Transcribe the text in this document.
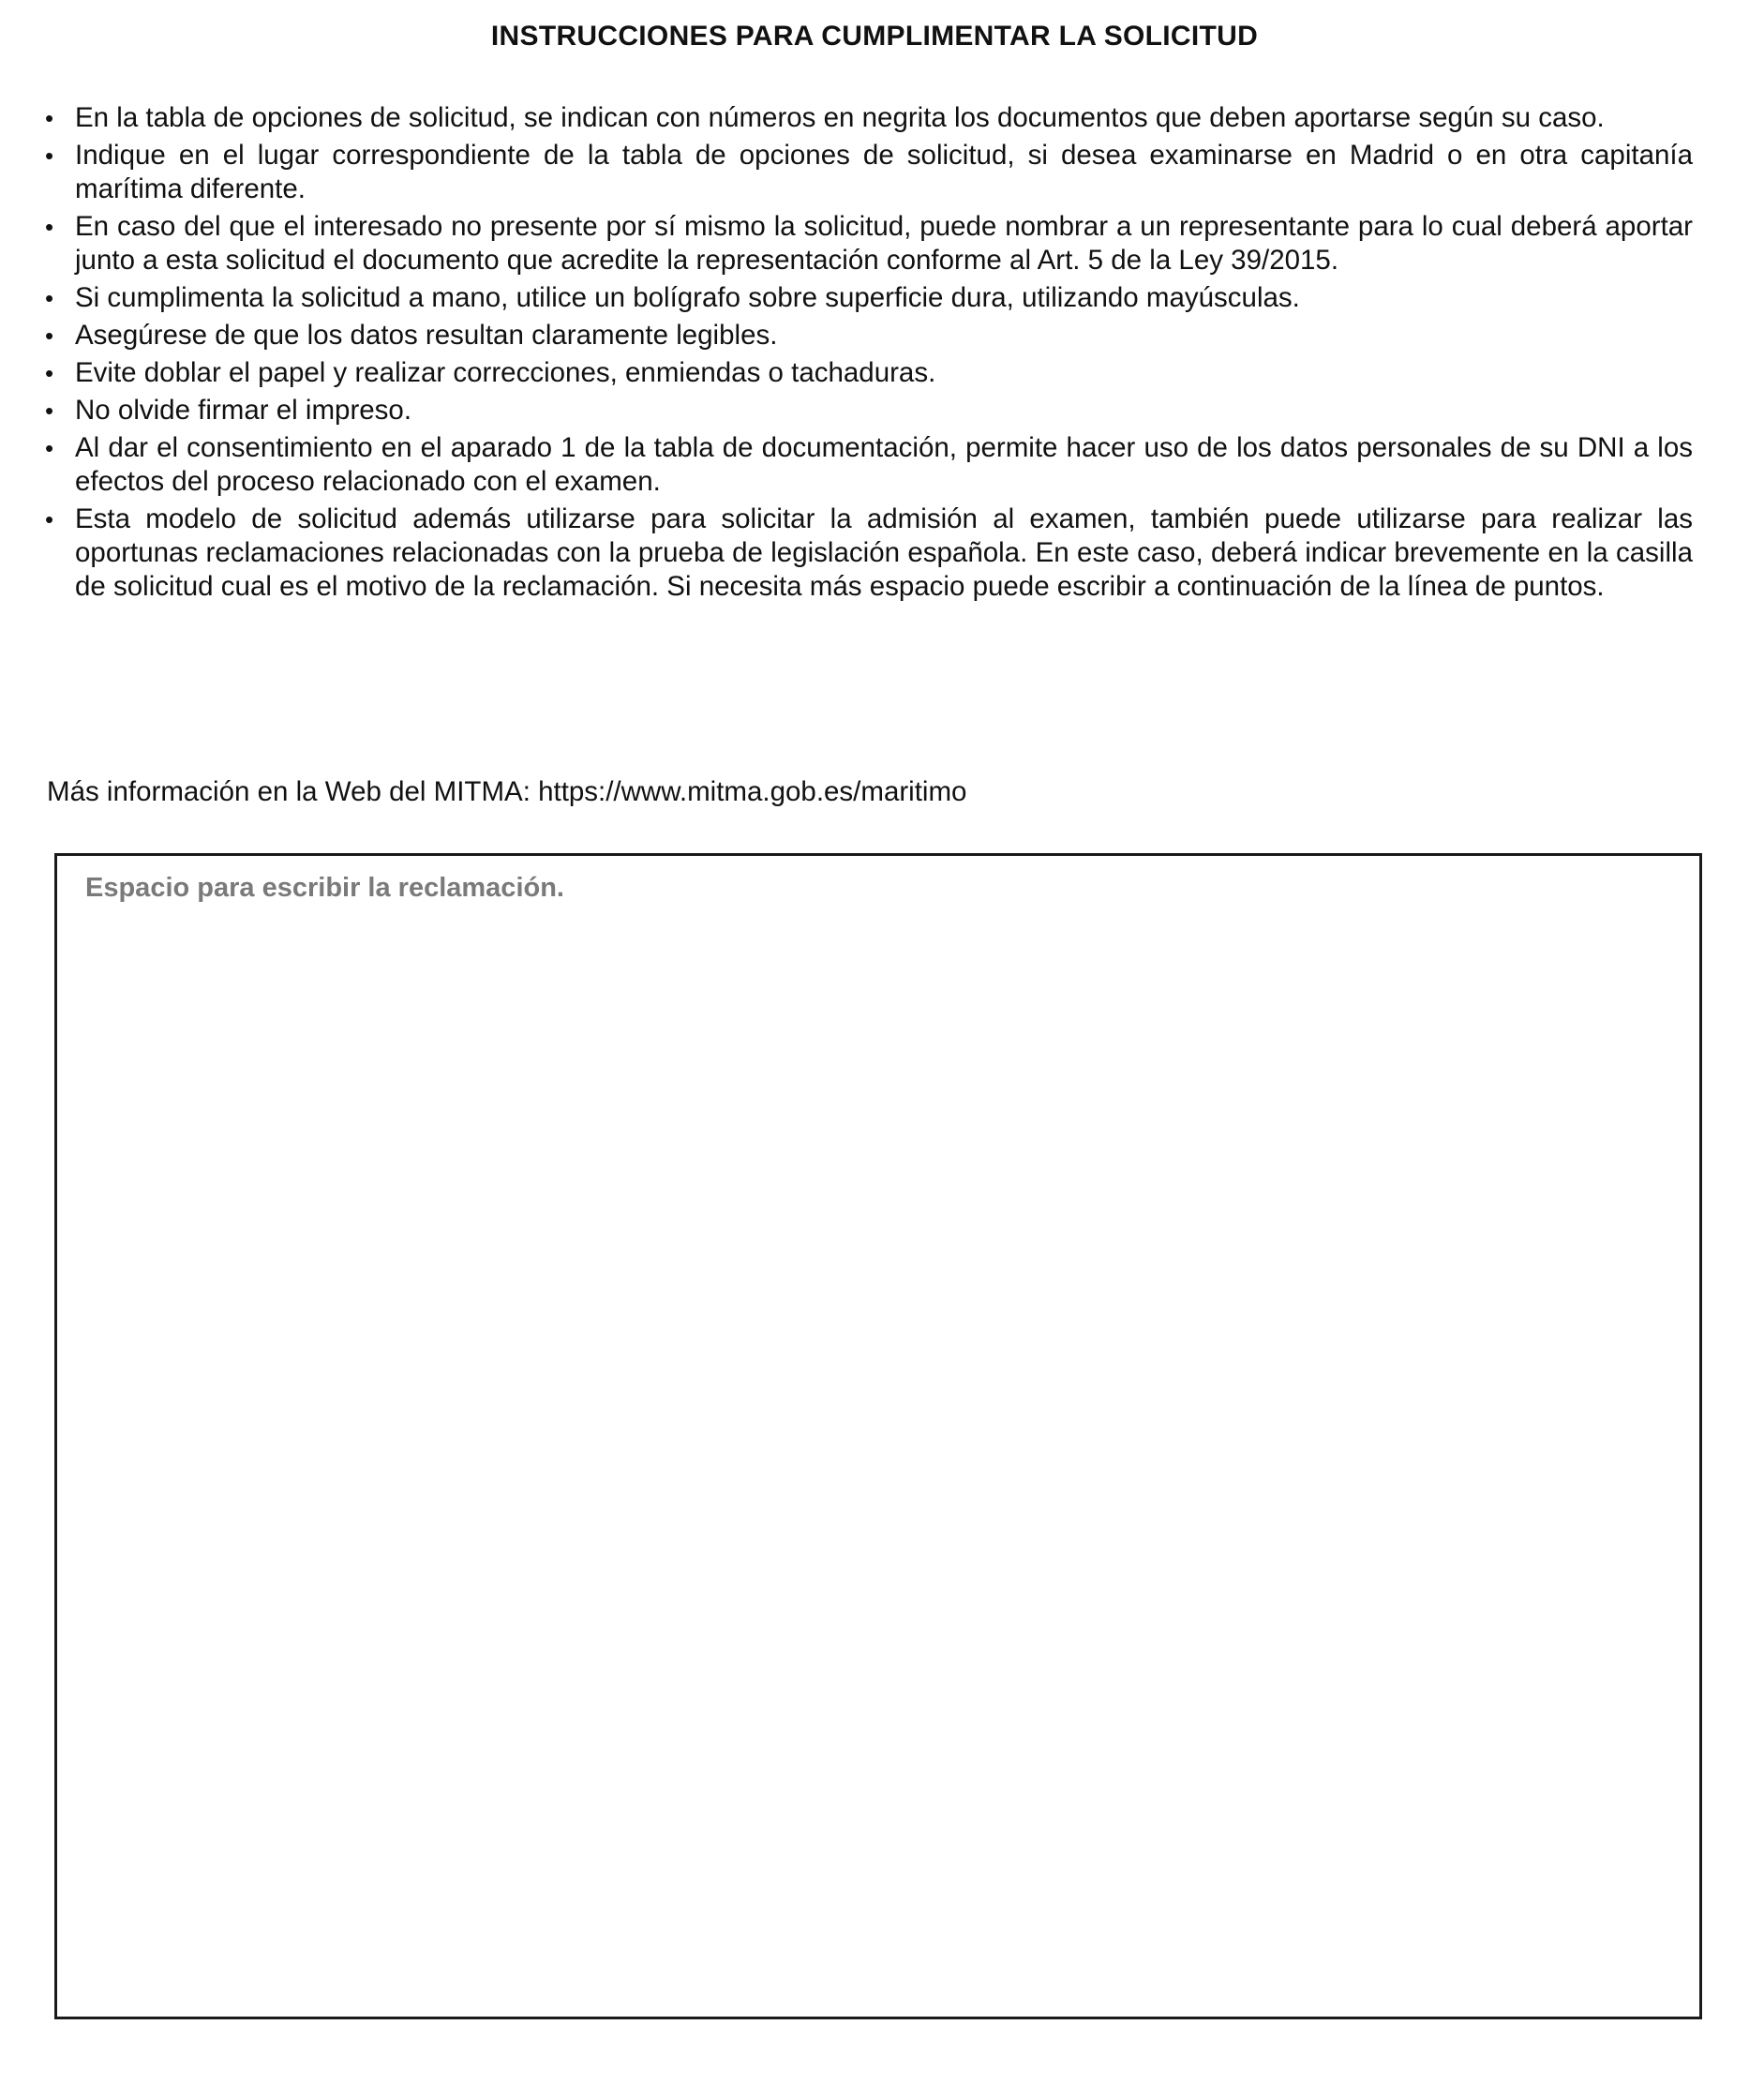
INSTRUCCIONES PARA CUMPLIMENTAR LA SOLICITUD
• En la tabla de opciones de solicitud, se indican con números en negrita los documentos que deben aportarse según su caso.
• Indique en el lugar correspondiente de la tabla de opciones de solicitud, si desea examinarse en Madrid o en otra capitanía marítima diferente.
• En caso del que el interesado no presente por sí mismo la solicitud, puede nombrar a un representante para lo cual deberá aportar junto a esta solicitud el documento que acredite la representación conforme al Art. 5 de la Ley 39/2015.
• Si cumplimenta la solicitud a mano, utilice un bolígrafo sobre superficie dura, utilizando mayúsculas.
• Asegúrese de que los datos resultan claramente legibles.
• Evite doblar el papel y realizar correcciones, enmiendas o tachaduras.
• No olvide firmar el impreso.
• Al dar el consentimiento en el aparado 1 de la tabla de documentación, permite hacer uso de los datos personales de su DNI a los efectos del proceso relacionado con el examen.
• Esta modelo de solicitud además utilizarse para solicitar la admisión al examen, también puede utilizarse para realizar las oportunas reclamaciones relacionadas con la prueba de legislación española. En este caso, deberá indicar brevemente en la casilla de solicitud cual es el motivo de la reclamación. Si necesita más espacio puede escribir a continuación de la línea de puntos.

Más información en la Web del MITMA: https://www.mitma.gob.es/maritimo

Espacio para escribir la reclamación.
